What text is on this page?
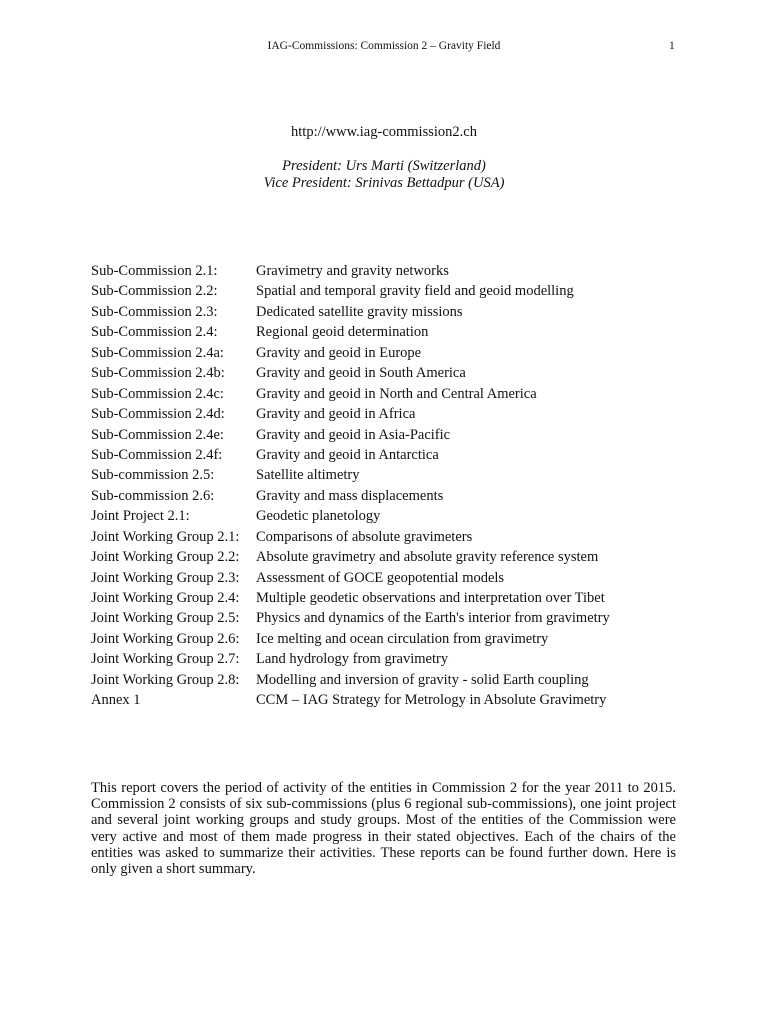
IAG-Commissions: Commission 2 – Gravity Field	1
http://www.iag-commission2.ch
President: Urs Marti (Switzerland)
Vice President: Srinivas Bettadpur (USA)
Sub-Commission 2.1:	Gravimetry and gravity networks
Sub-Commission 2.2:	Spatial and temporal gravity field and geoid modelling
Sub-Commission 2.3:	Dedicated satellite gravity missions
Sub-Commission 2.4:	Regional geoid determination
Sub-Commission 2.4a: Gravity and geoid in Europe
Sub-Commission 2.4b: Gravity and geoid in South America
Sub-Commission 2.4c: Gravity and geoid in North and Central America
Sub-Commission 2.4d: Gravity and geoid in Africa
Sub-Commission 2.4e: Gravity and geoid in Asia-Pacific
Sub-Commission 2.4f: Gravity and geoid in Antarctica
Sub-commission 2.5:	Satellite altimetry
Sub-commission 2.6:	Gravity and mass displacements
Joint Project 2.1:	Geodetic planetology
Joint Working Group 2.1: Comparisons of absolute gravimeters
Joint Working Group 2.2: Absolute gravimetry and absolute gravity reference system
Joint Working Group 2.3: Assessment of GOCE geopotential models
Joint Working Group 2.4: Multiple geodetic observations and interpretation over Tibet
Joint Working Group 2.5: Physics and dynamics of the Earth's interior from gravimetry
Joint Working Group 2.6: Ice melting and ocean circulation from gravimetry
Joint Working Group 2.7: Land hydrology from gravimetry
Joint Working Group 2.8: Modelling and inversion of gravity - solid Earth coupling
Annex 1	CCM – IAG Strategy for Metrology in Absolute Gravimetry
This report covers the period of activity of the entities in Commission 2 for the year 2011 to 2015. Commission 2 consists of six sub-commissions (plus 6 regional sub-commissions), one joint project and several joint working groups and study groups. Most of the entities of the Commission were very active and most of them made progress in their stated objectives. Each of the chairs of the entities was asked to summarize their activities. These reports can be found further down. Here is only given a short summary.
